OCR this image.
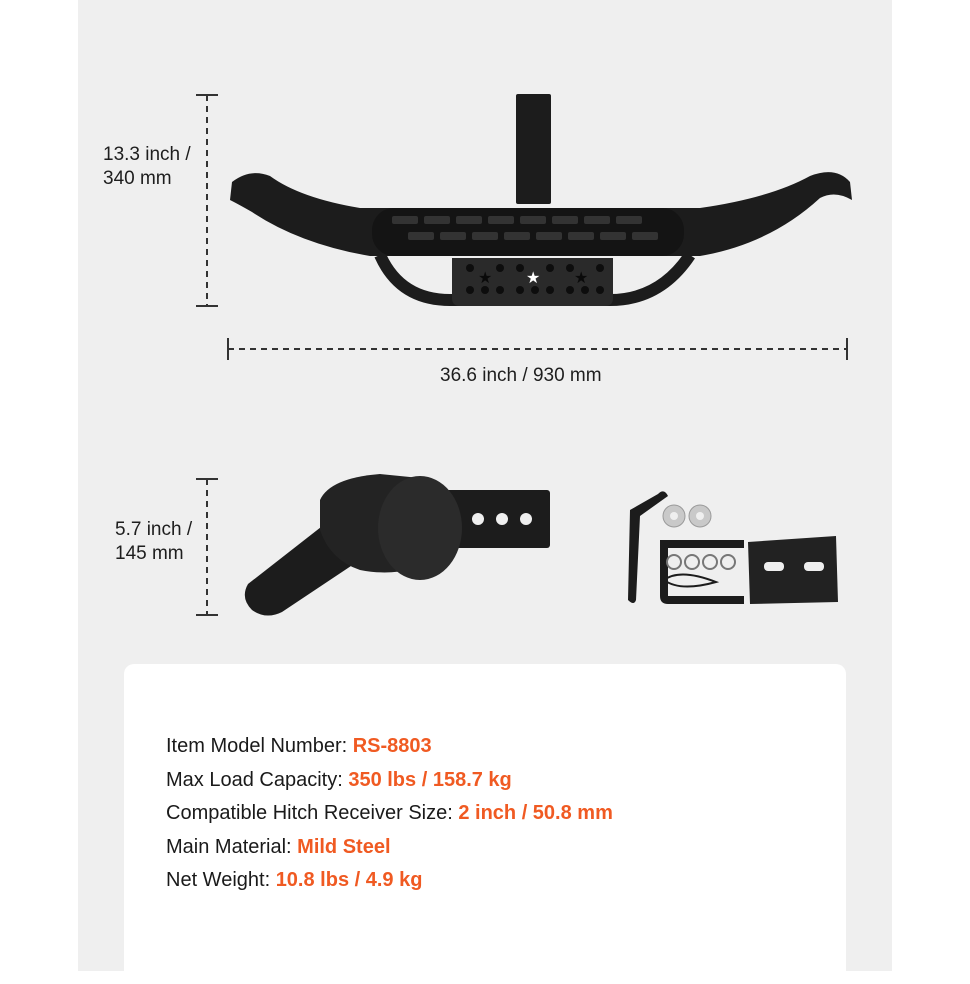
13.3 inch /
340 mm
36.6 inch / 930 mm
5.7 inch /
145 mm
★ ★ ★
Item Model Number: RS-8803
Max Load Capacity: 350 lbs / 158.7 kg
Compatible Hitch Receiver Size: 2 inch / 50.8 mm
Main Material: Mild Steel
Net Weight: 10.8 lbs / 4.9 kg
